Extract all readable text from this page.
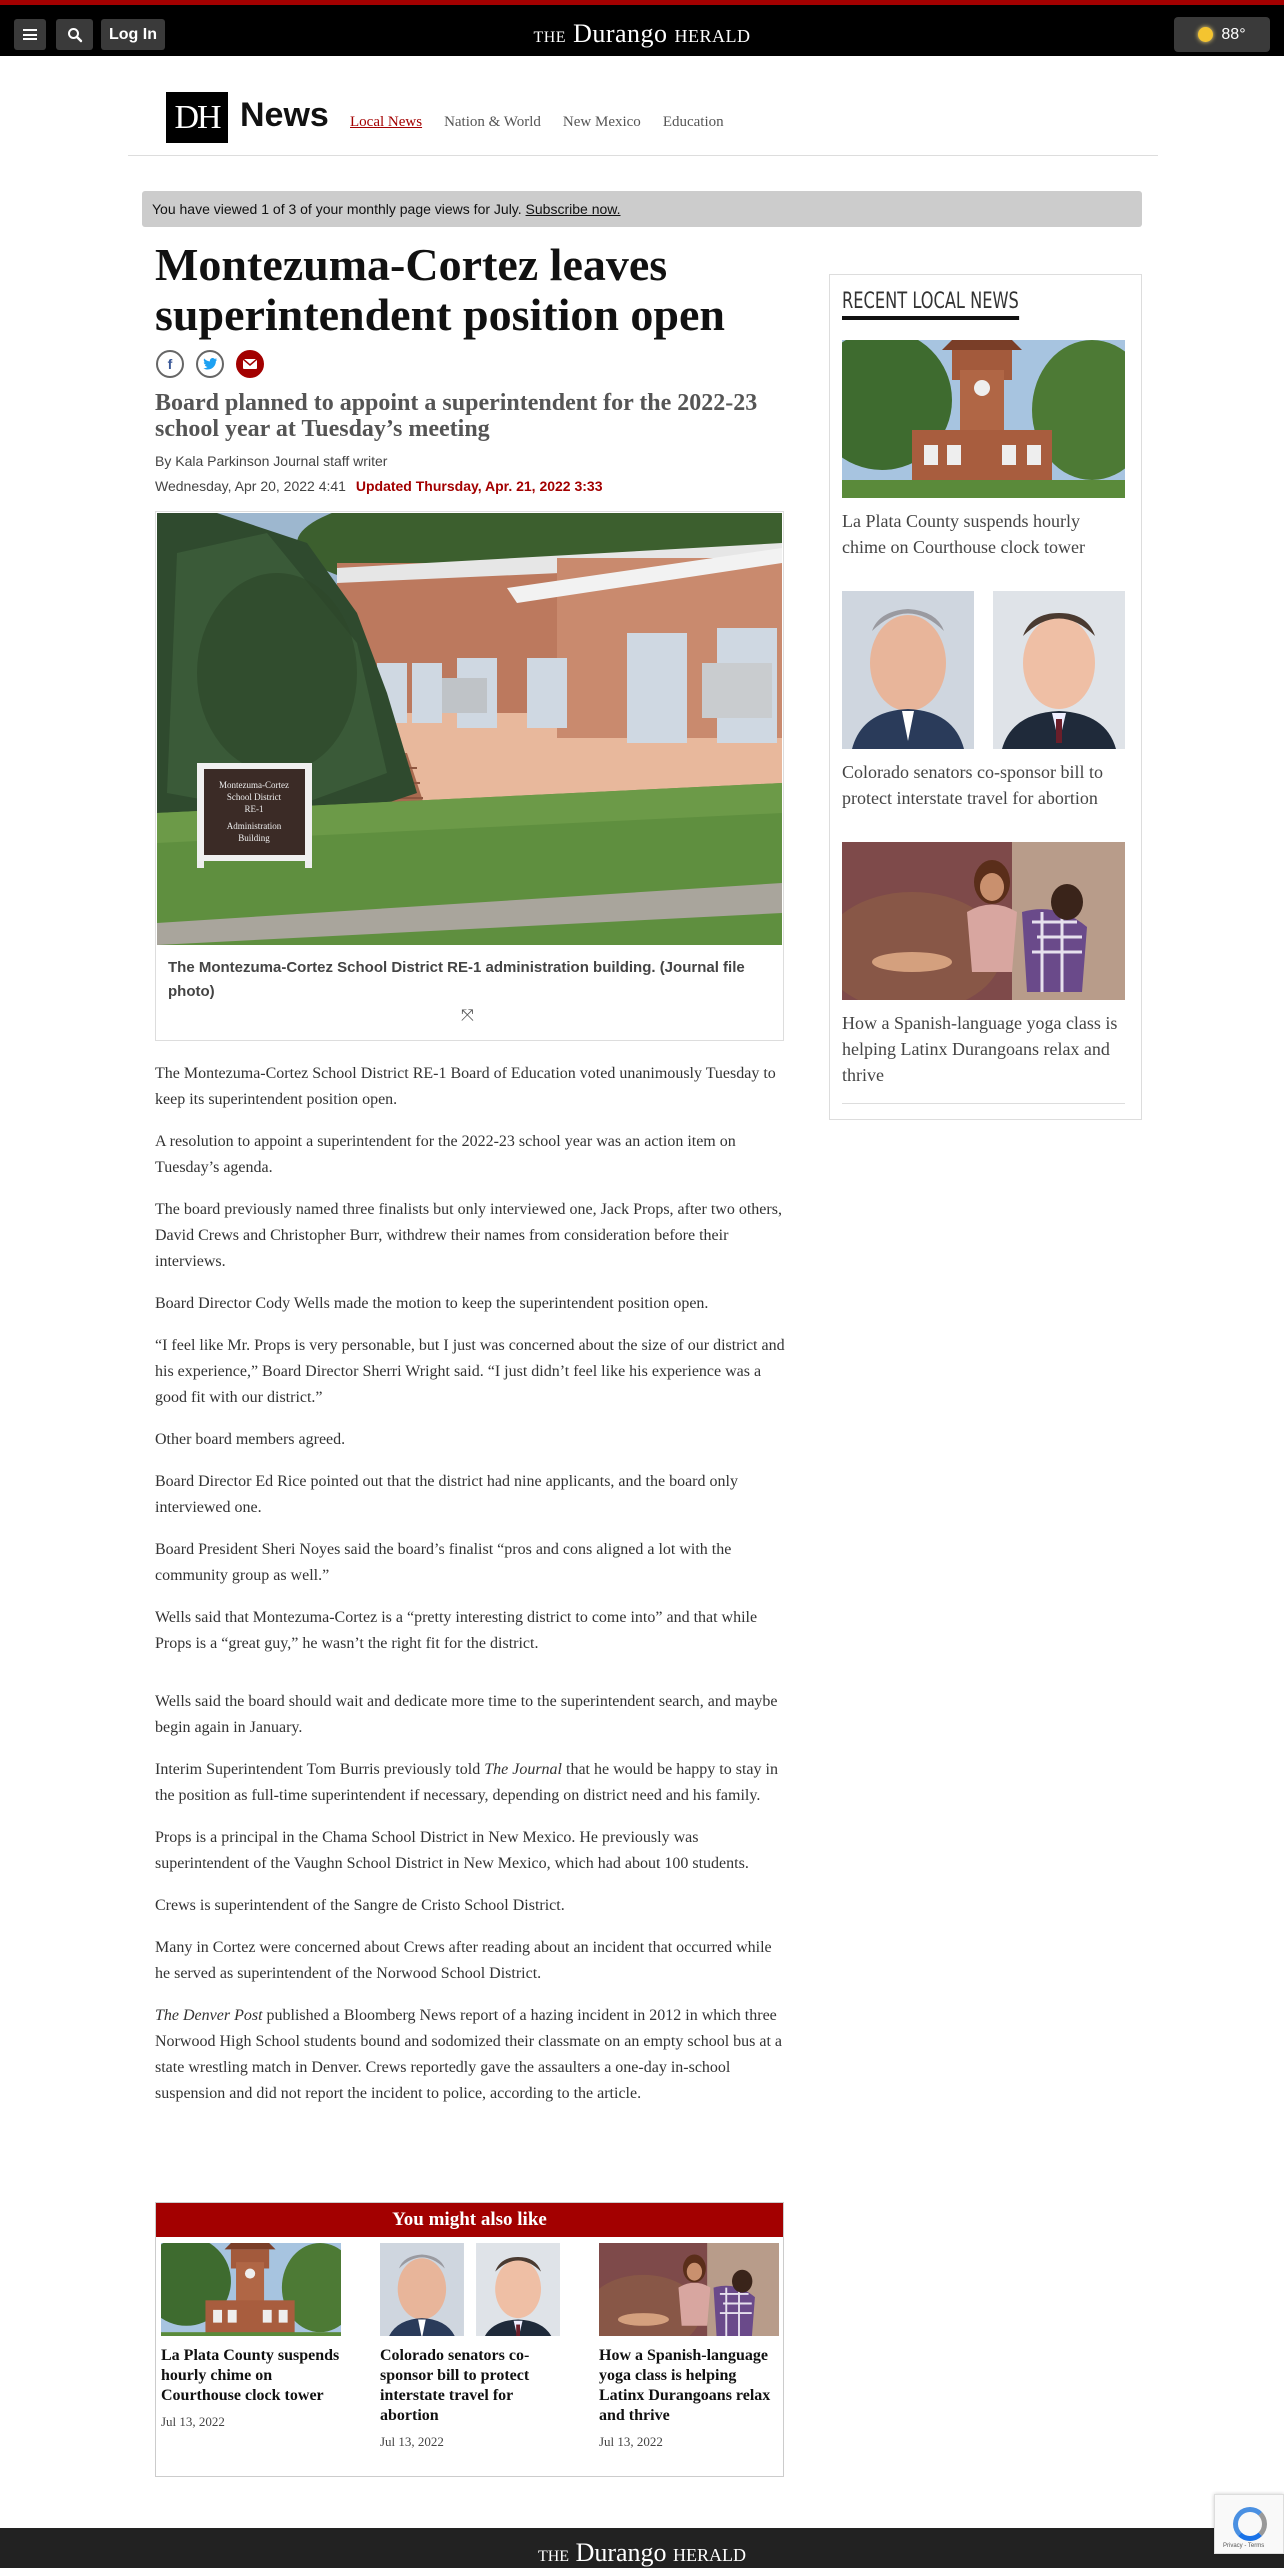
Log In	THE Durango HERALD	88°
DH News Local News Nation & World New Mexico Education
You have viewed 1 of 3 of your monthly page views for July. Subscribe now.
Montezuma-Cortez leaves superintendent position open
f
Board planned to appoint a superintendent for the 2022-23 school year at Tuesday’s meeting
By Kala Parkinson Journal staff writer
Wednesday, Apr 20, 2022 4:41 Updated Thursday, Apr. 21, 2022 3:33
Montezuma-Cortez
School District
RE-1
Administration
Building
The Montezuma-Cortez School District RE-1 administration building. (Journal file photo)
⤧

The Montezuma-Cortez School District RE-1 Board of Education voted unanimously Tuesday to keep its superintendent position open.

A resolution to appoint a superintendent for the 2022-23 school year was an action item on Tuesday’s agenda.

The board previously named three finalists but only interviewed one, Jack Props, after two others, David Crews and Christopher Burr, withdrew their names from consideration before their interviews.

Board Director Cody Wells made the motion to keep the superintendent position open.

“I feel like Mr. Props is very personable, but I just was concerned about the size of our district and his experience,” Board Director Sherri Wright said. “I just didn’t feel like his experience was a good fit with our district.”

Other board members agreed.

Board Director Ed Rice pointed out that the district had nine applicants, and the board only interviewed one.

Board President Sheri Noyes said the board’s finalist “pros and cons aligned a lot with the community group as well.”

Wells said that Montezuma-Cortez is a “pretty interesting district to come into” and that while Props is a “great guy,” he wasn’t the right fit for the district.

Wells said the board should wait and dedicate more time to the superintendent search, and maybe begin again in January.

Interim Superintendent Tom Burris previously told The Journal that he would be happy to stay in the position as full-time superintendent if necessary, depending on district need and his family.

Props is a principal in the Chama School District in New Mexico. He previously was superintendent of the Vaughn School District in New Mexico, which had about 100 students.

Crews is superintendent of the Sangre de Cristo School District.

Many in Cortez were concerned about Crews after reading about an incident that occurred while he served as superintendent of the Norwood School District.

The Denver Post published a Bloomberg News report of a hazing incident in 2012 in which three Norwood High School students bound and sodomized their classmate on an empty school bus at a state wrestling match in Denver. Crews reportedly gave the assaulters a one-day in-school suspension and did not report the incident to police, according to the article.

You might also like
La Plata County suspends hourly chime on Courthouse clock tower
Jul 13, 2022
Colorado senators co-sponsor bill to protect interstate travel for abortion
Jul 13, 2022
How a Spanish-language yoga class is helping Latinx Durangoans relax and thrive
Jul 13, 2022
RECENT LOCAL NEWS
La Plata County suspends hourly chime on Courthouse clock tower
Colorado senators co-sponsor bill to protect interstate travel for abortion
How a Spanish-language yoga class is helping Latinx Durangoans relax and thrive
THE Durango HERALD	Privacy - Terms
